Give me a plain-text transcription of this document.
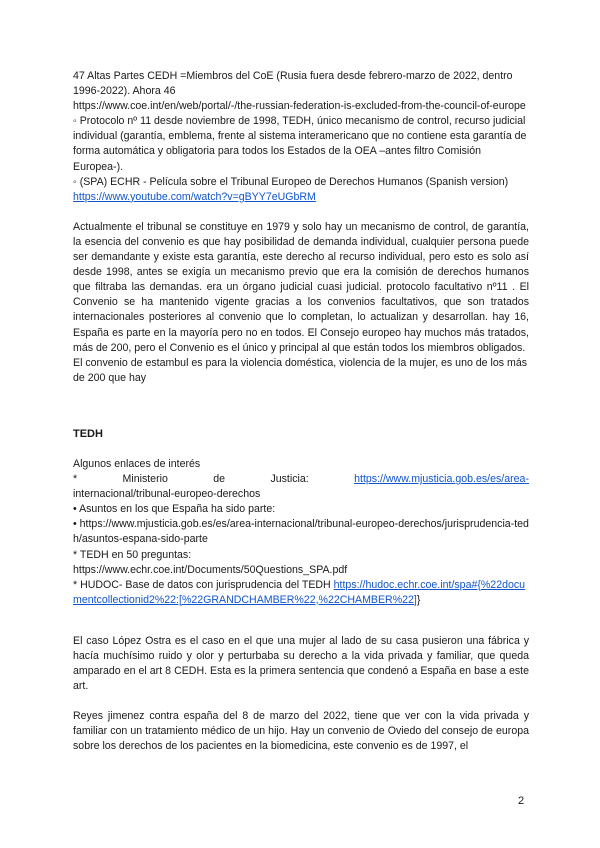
47 Altas Partes CEDH =Miembros del CoE (Rusia fuera desde febrero-marzo de 2022, dentro 1996-2022). Ahora 46

https://www.coe.int/en/web/portal/-/the-russian-federation-is-excluded-from-the-council-of-europe

◦ Protocolo nº 11 desde noviembre de 1998, TEDH, único mecanismo de control, recurso judicial individual (garantía, emblema, frente al sistema interamericano que no contiene esta garantía de forma automática y obligatoria para todos los Estados de la OEA –antes filtro Comisión Europea-).

◦ (SPA) ECHR - Película sobre el Tribunal Europeo de Derechos Humanos (Spanish version)

https://www.youtube.com/watch?v=gBYY7eUGbRM

Actualmente el tribunal se constituye en 1979 y solo hay un mecanismo de control, de garantía, la esencia del convenio es que hay posibilidad de demanda individual, cualquier persona puede ser demandante y existe esta garantía, este derecho al recurso individual, pero esto es solo así desde 1998, antes se exigía un mecanismo previo que era la comisión de derechos humanos que filtraba las demandas. era un órgano judicial cuasi judicial. protocolo facultativo nº11 . El Convenio se ha mantenido vigente gracias a los convenios facultativos, que son tratados internacionales posteriores al convenio que lo completan, lo actualizan y desarrollan. hay 16, España es parte en la mayoría pero no en todos. El Consejo europeo hay muchos más tratados, más de 200, pero el Convenio es el único y principal al que están todos los miembros obligados.

El convenio de estambul es para la violencia doméstica, violencia de la mujer, es uno de los más de 200 que hay

TEDH

Algunos enlaces de interés

*	Ministerio	de	Justicia:	https://www.mjusticia.gob.es/es/area-

internacional/tribunal-europeo-derechos

• Asuntos en los que España ha sido parte:

• https://www.mjusticia.gob.es/es/area-internacional/tribunal-europeo-derechos/jurisprudencia-tedh/asuntos-espana-sido-parte

* TEDH en 50 preguntas:

https://www.echr.coe.int/Documents/50Questions_SPA.pdf

* HUDOC- Base de datos con jurisprudencia del TEDH https://hudoc.echr.coe.int/spa#{%22documentcollectionid2%22:[%22GRANDCHAMBER%22,%22CHAMBER%22]}

El caso López Ostra es el caso en el que una mujer al lado de su casa pusieron una fábrica y hacía muchísimo ruido y olor y perturbaba su derecho a la vida privada y familiar, que queda amparado en el art 8 CEDH. Esta es la primera sentencia que condenó a España en base a este art.

Reyes jimenez contra españa del 8 de marzo del 2022, tiene que ver con la vida privada y familiar con un tratamiento médico de un hijo. Hay un convenio de Oviedo del consejo de europa sobre los derechos de los pacientes en la biomedicina, este convenio es de 1997, el

2
